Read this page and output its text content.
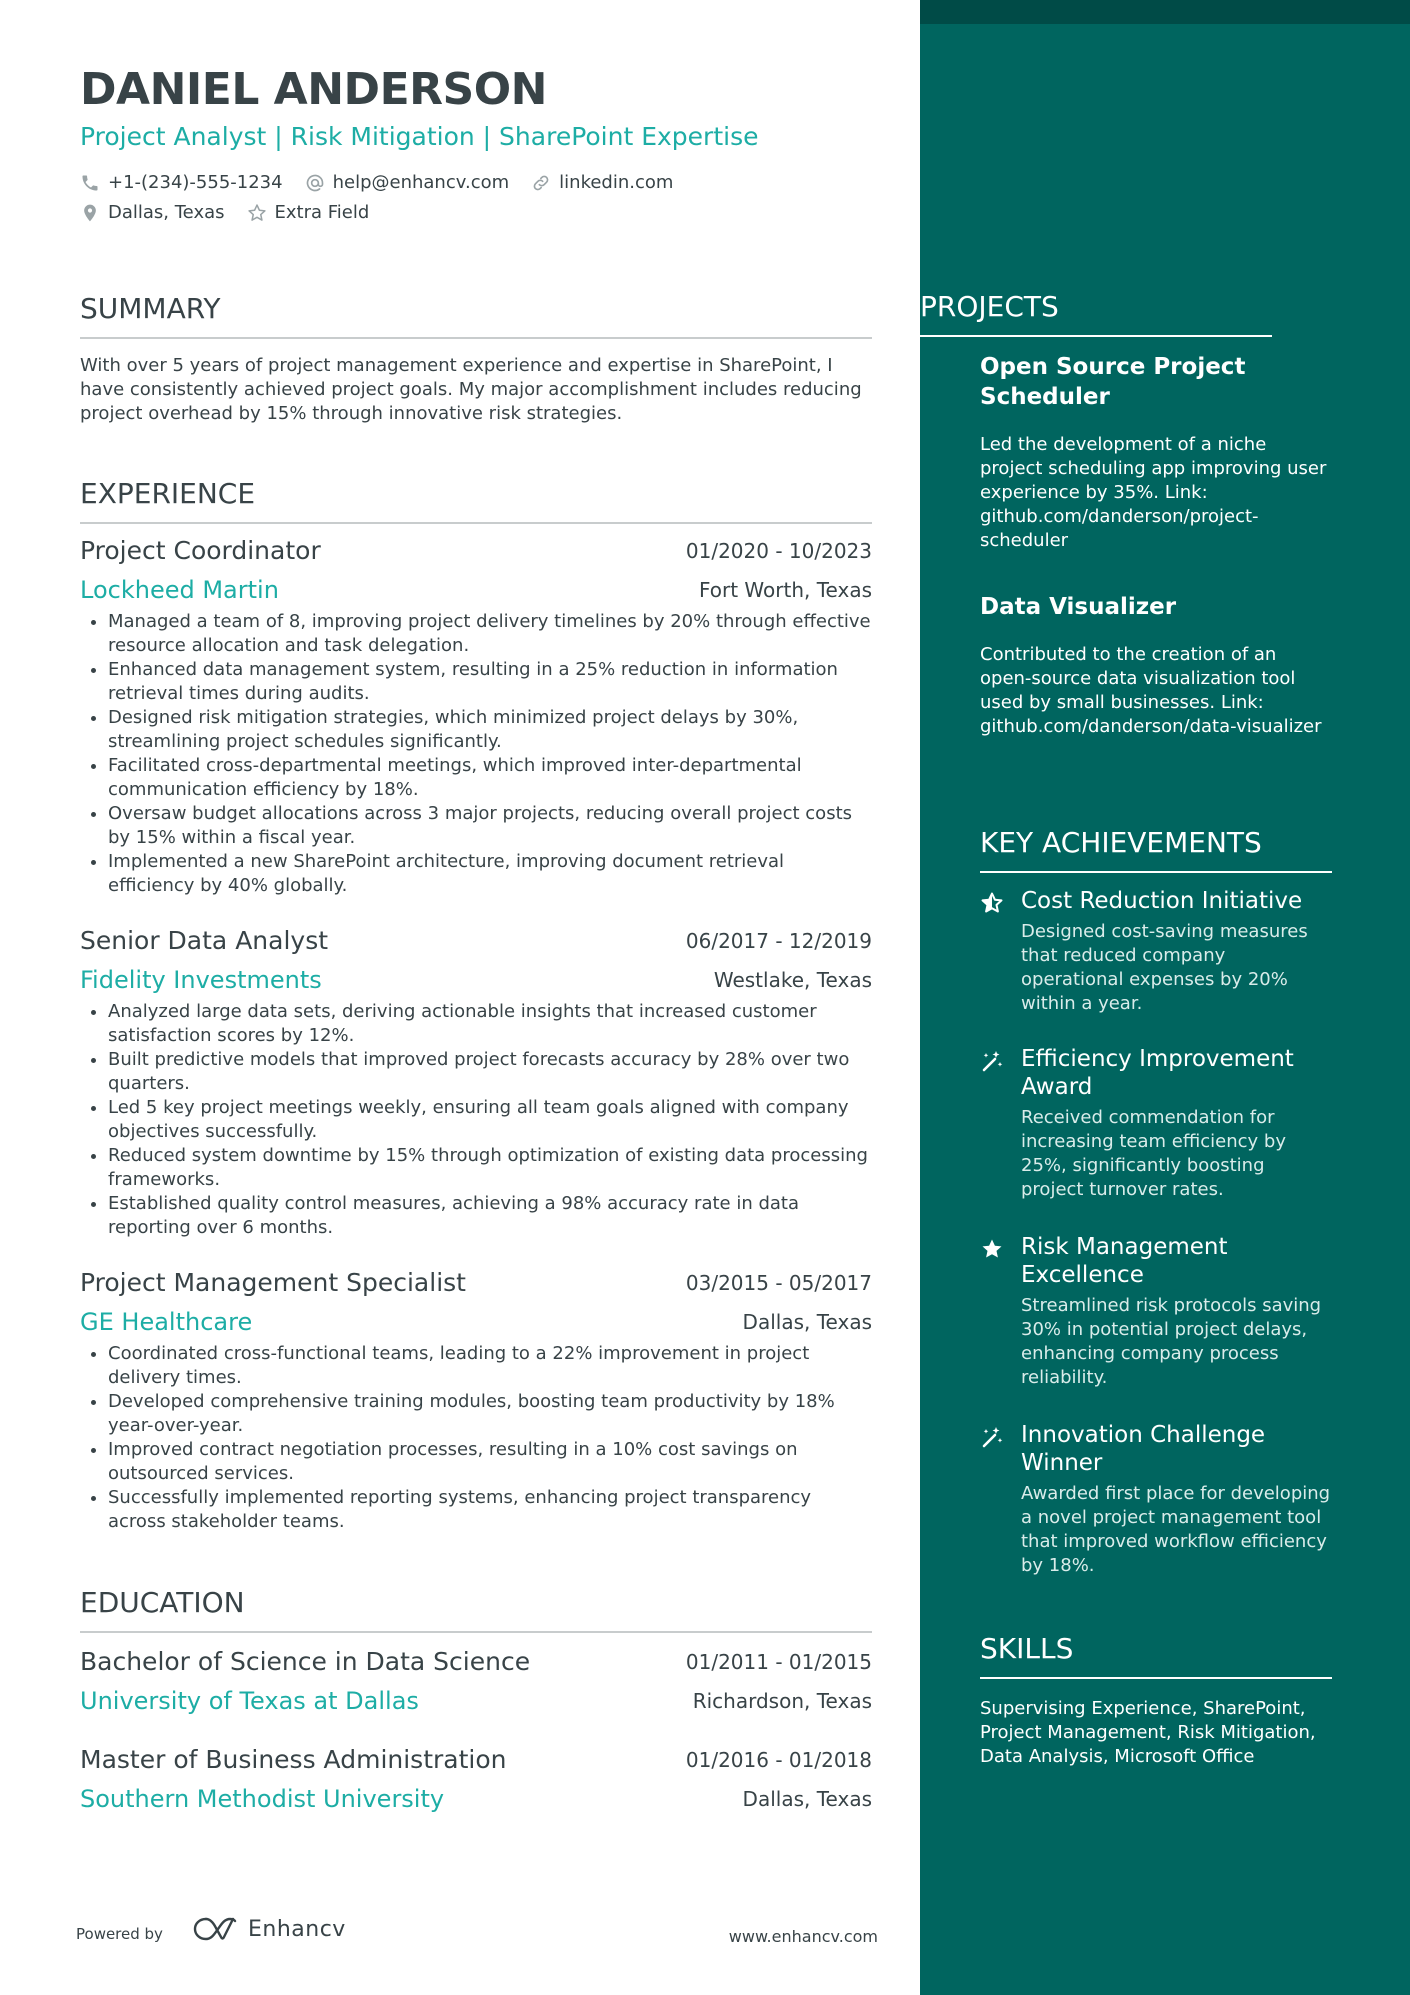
PROJECTS
Open Source Project Scheduler
Led the development of a niche project scheduling app improving user experience by 35%. Link: github.com/danderson/project-scheduler
Data Visualizer
Contributed to the creation of an open-source data visualization tool used by small businesses. Link: github.com/danderson/data-visualizer
KEY ACHIEVEMENTS
Cost Reduction Initiative
Designed cost-saving measures that reduced company operational expenses by 20% within a year.
Efficiency Improvement Award
Received commendation for increasing team efficiency by 25%, significantly boosting project turnover rates.
Risk Management Excellence
Streamlined risk protocols saving 30% in potential project delays, enhancing company process reliability.
Innovation Challenge Winner
Awarded first place for developing a novel project management tool that improved workflow efficiency by 18%.
SKILLS
Supervising Experience, SharePoint, Project Management, Risk Mitigation, Data Analysis, Microsoft Office
DANIEL ANDERSON
Project Analyst | Risk Mitigation | SharePoint Expertise
+1-(234)-555-1234	help@enhancv.com	linkedin.com
Dallas, Texas	Extra Field
SUMMARY
With over 5 years of project management experience and expertise in SharePoint, I have consistently achieved project goals. My major accomplishment includes reducing project overhead by 15% through innovative risk strategies.
EXPERIENCE
Project Coordinator	01/2020 - 10/2023
Lockheed Martin	Fort Worth, Texas
• Managed a team of 8, improving project delivery timelines by 20% through effective resource allocation and task delegation.
• Enhanced data management system, resulting in a 25% reduction in information retrieval times during audits.
• Designed risk mitigation strategies, which minimized project delays by 30%, streamlining project schedules significantly.
• Facilitated cross-departmental meetings, which improved inter-departmental communication efficiency by 18%.
• Oversaw budget allocations across 3 major projects, reducing overall project costs by 15% within a fiscal year.
• Implemented a new SharePoint architecture, improving document retrieval efficiency by 40% globally.
Senior Data Analyst	06/2017 - 12/2019
Fidelity Investments	Westlake, Texas
• Analyzed large data sets, deriving actionable insights that increased customer satisfaction scores by 12%.
• Built predictive models that improved project forecasts accuracy by 28% over two quarters.
• Led 5 key project meetings weekly, ensuring all team goals aligned with company objectives successfully.
• Reduced system downtime by 15% through optimization of existing data processing frameworks.
• Established quality control measures, achieving a 98% accuracy rate in data reporting over 6 months.
Project Management Specialist	03/2015 - 05/2017
GE Healthcare	Dallas, Texas
• Coordinated cross-functional teams, leading to a 22% improvement in project delivery times.
• Developed comprehensive training modules, boosting team productivity by 18% year-over-year.
• Improved contract negotiation processes, resulting in a 10% cost savings on outsourced services.
• Successfully implemented reporting systems, enhancing project transparency across stakeholder teams.
EDUCATION
Bachelor of Science in Data Science	01/2011 - 01/2015
University of Texas at Dallas	Richardson, Texas
Master of Business Administration	01/2016 - 01/2018
Southern Methodist University	Dallas, Texas
Powered by	Enhancv	www.enhancv.com
